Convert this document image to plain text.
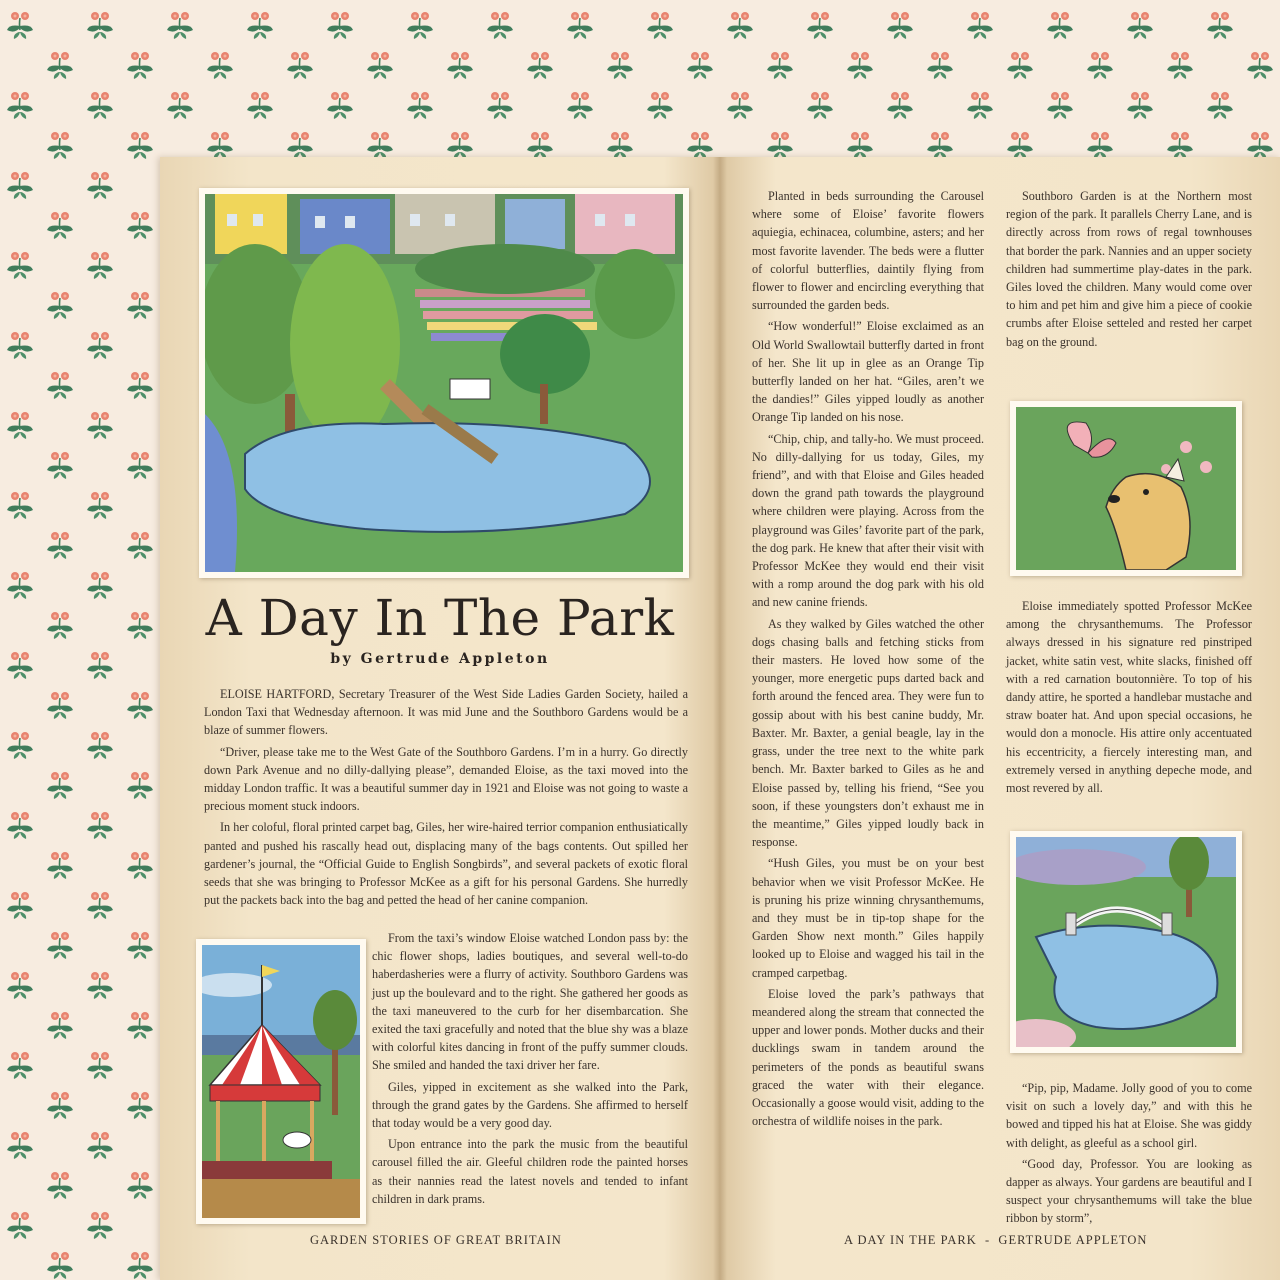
A Day In The Park
by Gertrude Appleton

ELOISE HARTFORD, Secretary Treasurer of the West Side Ladies Garden Society, hailed a London Taxi that Wednesday afternoon. It was mid June and the Southboro Gardens would be a blaze of summer flowers.

“Driver, please take me to the West Gate of the Southboro Gardens. I’m in a hurry. Go directly down Park Avenue and no dilly-dallying please”, demanded Eloise, as the taxi moved into the midday London traffic. It was a beautiful summer day in 1921 and Eloise was not going to waste a precious moment stuck indoors.

In her coloful, floral printed carpet bag, Giles, her wire-haired terrior companion enthusiatically panted and pushed his rascally head out, displacing many of the bags contents. Out spilled her gardener’s journal, the “Official Guide to English Songbirds”, and several packets of exotic floral seeds that she was bringing to Professor McKee as a gift for his personal Gardens. She hurredly put the packets back into the bag and petted the head of her canine companion.

From the taxi’s window Eloise watched London pass by: the chic flower shops, ladies boutiques, and several well-to-do haberdasheries were a flurry of activity. Southboro Gardens was just up the boulevard and to the right. She gathered her goods as the taxi maneuvered to the curb for her disembarcation. She exited the taxi gracefully and noted that the blue shy was a blaze with colorful kites dancing in front of the puffy summer clouds. She smiled and handed the taxi driver her fare.

Giles, yipped in excitement as she walked into the Park, through the grand gates by the Gardens. She affirmed to herself that today would be a very good day.

Upon entrance into the park the music from the beautiful carousel filled the air. Gleeful children rode the painted horses as their nannies read the latest novels and tended to infant children in dark prams.

GARDEN STORIES OF GREAT BRITAIN

Planted in beds surrounding the Carousel where some of Eloise’ favorite flowers aquiegia, echinacea, columbine, asters; and her most favorite lavender. The beds were a flutter of colorful butterflies, daintily flying from flower to flower and encircling everything that surrounded the garden beds.

“How wonderful!” Eloise exclaimed as an Old World Swallowtail butterfly darted in front of her. She lit up in glee as an Orange Tip butterfly landed on her hat. “Giles, aren’t we the dandies!” Giles yipped loudly as another Orange Tip landed on his nose.

“Chip, chip, and tally-ho. We must proceed. No dilly-dallying for us today, Giles, my friend”, and with that Eloise and Giles headed down the grand path towards the playground where children were playing. Across from the playground was Giles’ favorite part of the park, the dog park. He knew that after their visit with Professor McKee they would end their visit with a romp around the dog park with his old and new canine friends.

As they walked by Giles watched the other dogs chasing balls and fetching sticks from their masters. He loved how some of the younger, more energetic pups darted back and forth around the fenced area. They were fun to gossip about with his best canine buddy, Mr. Baxter. Mr. Baxter, a genial beagle, lay in the grass, under the tree next to the white park bench. Mr. Baxter barked to Giles as he and Eloise passed by, telling his friend, “See you soon, if these youngsters don’t exhaust me in the meantime,” Giles yipped loudly back in response.

“Hush Giles, you must be on your best behavior when we visit Professor McKee. He is pruning his prize winning chrysanthemums, and they must be in tip-top shape for the Garden Show next month.” Giles happily looked up to Eloise and wagged his tail in the cramped carpetbag.

Eloise loved the park’s pathways that meandered along the stream that connected the upper and lower ponds. Mother ducks and their ducklings swam in tandem around the perimeters of the ponds as beautiful swans graced the water with their elegance. Occasionally a goose would visit, adding to the orchestra of wildlife noises in the park.

Southboro Garden is at the Northern most region of the park. It parallels Cherry Lane, and is directly across from rows of regal townhouses that border the park. Nannies and an upper society children had summertime play-dates in the park. Giles loved the children. Many would come over to him and pet him and give him a piece of cookie crumbs after Eloise setteled and rested her carpet bag on the ground.

Eloise immediately spotted Professor McKee among the chrysanthemums. The Professor always dressed in his signature red pinstriped jacket, white satin vest, white slacks, finished off with a red carnation boutonnière. To top of his dandy attire, he sported a handlebar mustache and straw boater hat. And upon special occasions, he would don a monocle. His attire only accentuated his eccentricity, a fiercely interesting man, and extremely versed in anything depeche mode, and most revered by all.

“Pip, pip, Madame. Jolly good of you to come visit on such a lovely day,” and with this he bowed and tipped his hat at Eloise. She was giddy with delight, as gleeful as a school girl.

“Good day, Professor. You are looking as dapper as always. Your gardens are beautiful and I suspect your chrysanthemums will take the blue ribbon by storm”,

A DAY IN THE PARK  -  GERTRUDE APPLETON
